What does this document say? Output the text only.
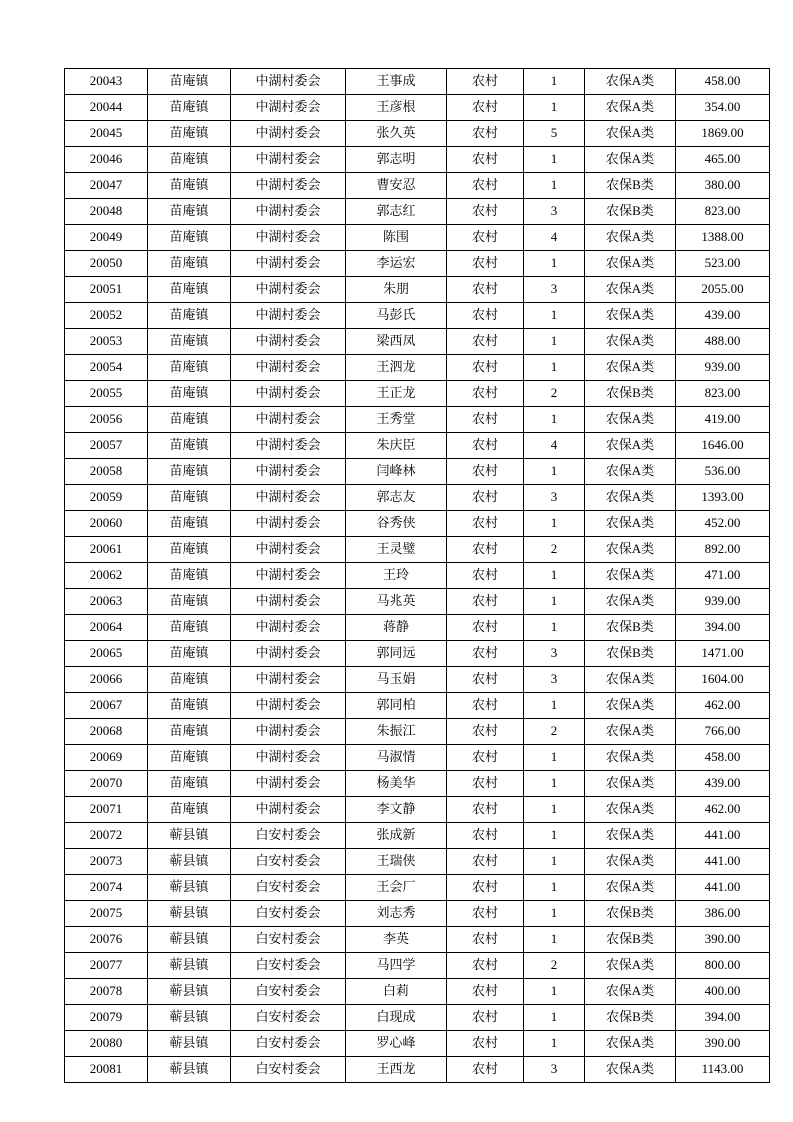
20043	苗庵镇	中湖村委会	王事成	农村	1	农保A类	458.00
20044	苗庵镇	中湖村委会	王彦根	农村	1	农保A类	354.00
20045	苗庵镇	中湖村委会	张久英	农村	5	农保A类	1869.00
20046	苗庵镇	中湖村委会	郭志明	农村	1	农保A类	465.00
20047	苗庵镇	中湖村委会	曹安忍	农村	1	农保B类	380.00
20048	苗庵镇	中湖村委会	郭志红	农村	3	农保B类	823.00
20049	苗庵镇	中湖村委会	陈围	农村	4	农保A类	1388.00
20050	苗庵镇	中湖村委会	李运宏	农村	1	农保A类	523.00
20051	苗庵镇	中湖村委会	朱朋	农村	3	农保A类	2055.00
20052	苗庵镇	中湖村委会	马彭氏	农村	1	农保A类	439.00
20053	苗庵镇	中湖村委会	梁西凤	农村	1	农保A类	488.00
20054	苗庵镇	中湖村委会	王泗龙	农村	1	农保A类	939.00
20055	苗庵镇	中湖村委会	王正龙	农村	2	农保B类	823.00
20056	苗庵镇	中湖村委会	王秀堂	农村	1	农保A类	419.00
20057	苗庵镇	中湖村委会	朱庆臣	农村	4	农保A类	1646.00
20058	苗庵镇	中湖村委会	闫峰林	农村	1	农保A类	536.00
20059	苗庵镇	中湖村委会	郭志友	农村	3	农保A类	1393.00
20060	苗庵镇	中湖村委会	谷秀侠	农村	1	农保A类	452.00
20061	苗庵镇	中湖村委会	王灵璧	农村	2	农保A类	892.00
20062	苗庵镇	中湖村委会	王玲	农村	1	农保A类	471.00
20063	苗庵镇	中湖村委会	马兆英	农村	1	农保A类	939.00
20064	苗庵镇	中湖村委会	蒋静	农村	1	农保B类	394.00
20065	苗庵镇	中湖村委会	郭同远	农村	3	农保B类	1471.00
20066	苗庵镇	中湖村委会	马玉娟	农村	3	农保A类	1604.00
20067	苗庵镇	中湖村委会	郭同柏	农村	1	农保A类	462.00
20068	苗庵镇	中湖村委会	朱振江	农村	2	农保A类	766.00
20069	苗庵镇	中湖村委会	马淑情	农村	1	农保A类	458.00
20070	苗庵镇	中湖村委会	杨美华	农村	1	农保A类	439.00
20071	苗庵镇	中湖村委会	李文静	农村	1	农保A类	462.00
20072	蕲县镇	白安村委会	张成新	农村	1	农保A类	441.00
20073	蕲县镇	白安村委会	王瑞侠	农村	1	农保A类	441.00
20074	蕲县镇	白安村委会	王会厂	农村	1	农保A类	441.00
20075	蕲县镇	白安村委会	刘志秀	农村	1	农保B类	386.00
20076	蕲县镇	白安村委会	李英	农村	1	农保B类	390.00
20077	蕲县镇	白安村委会	马四学	农村	2	农保A类	800.00
20078	蕲县镇	白安村委会	白莉	农村	1	农保A类	400.00
20079	蕲县镇	白安村委会	白现成	农村	1	农保B类	394.00
20080	蕲县镇	白安村委会	罗心峰	农村	1	农保A类	390.00
20081	蕲县镇	白安村委会	王西龙	农村	3	农保A类	1143.00
